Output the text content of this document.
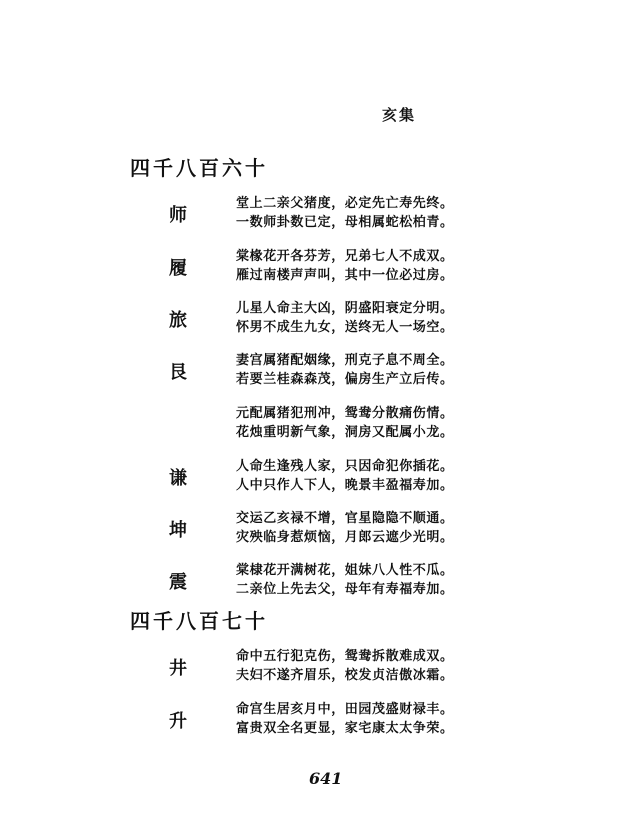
亥集
四千八百六十
师
堂上二亲父猪度，必定先亡寿先终。
一数师卦数已定，母相属蛇松柏青。
履
棠椽花开各芬芳，兄弟七人不成双。
雁过南楼声声叫，其中一位必过房。
旅
儿星人命主大凶，阴盛阳衰定分明。
怀男不成生九女，送终无人一场空。
艮
妻宫属猪配姻缘，刑克子息不周全。
若要兰桂森森茂，偏房生产立后传。
元配属猪犯刑冲，鸳鸯分散痛伤情。
花烛重明新气象，洞房又配属小龙。
谦
人命生逢残人家，只因命犯你插花。
人中只作人下人，晚景丰盈福寿加。
坤
交运乙亥禄不增，官星隐隐不顺通。
灾殃临身惹烦恼，月郎云遮少光明。
震
棠棣花开满树花，姐妹八人性不瓜。
二亲位上先去父，母年有寿福寿加。
四千八百七十
井
命中五行犯克伤，鸳鸯拆散难成双。
夫妇不遂齐眉乐，校发贞洁傲冰霜。
升
命宫生居亥月中，田园茂盛财禄丰。
富贵双全名更显，家宅康太太争荣。
641
